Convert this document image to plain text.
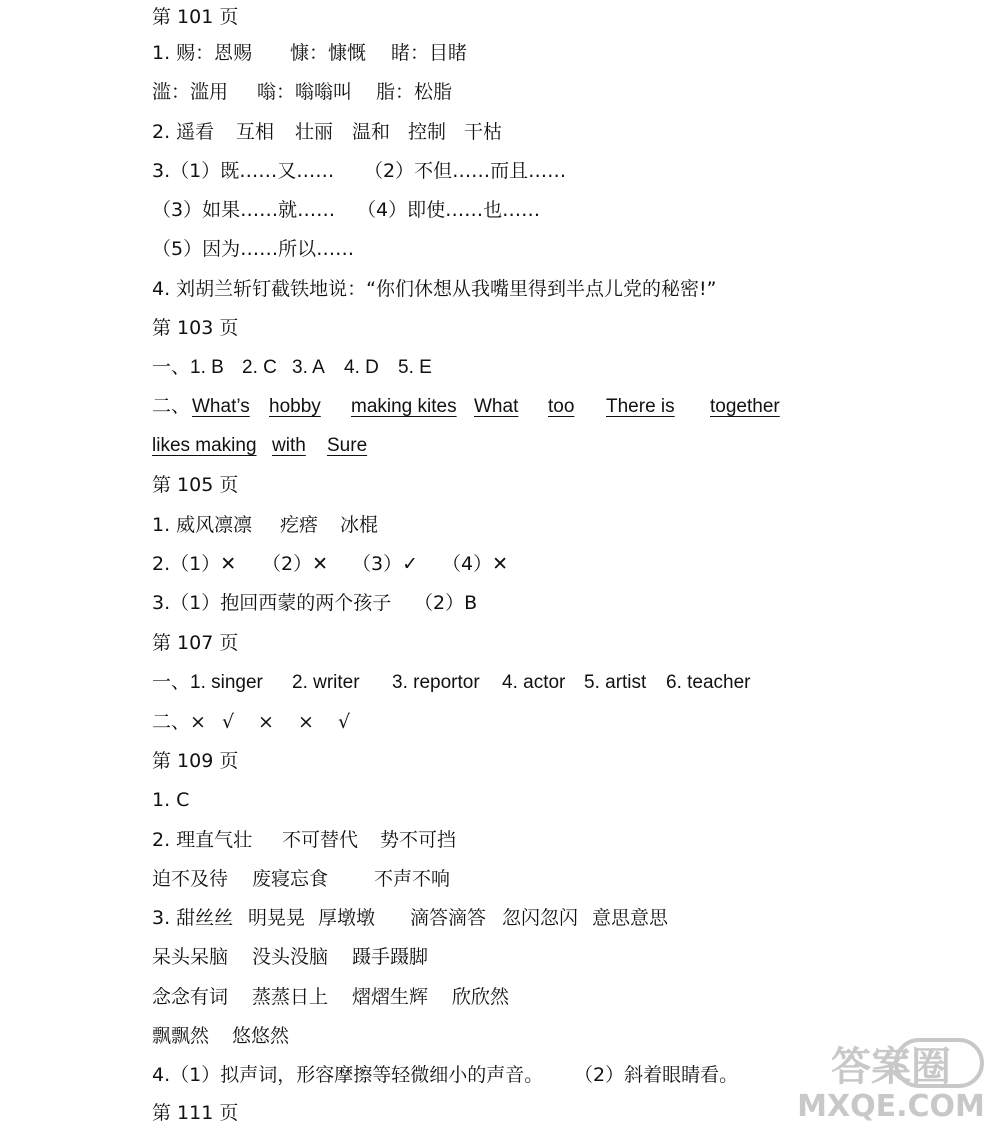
第 101 页
1. 赐：恩赐 慷：慷慨 睹：目睹
滥：滥用 嗡：嗡嗡叫 脂：松脂
2. 遥看 互相 壮丽 温和 控制 干枯
3.（1）既……又…… （2）不但……而且……
（3）如果……就…… （4）即使……也……
（5）因为……所以……
4. 刘胡兰斩钉截铁地说：“你们休想从我嘴里得到半点儿党的秘密!”
第 103 页
一、1. B 2. C 3. A 4. D 5. E
二、 What’s hobby making kites What too There is together
likes making with Sure
第 105 页
1. 威风凛凛 疙瘩 冰棍
2.（1）✕ （2）✕ （3）✓ （4）✕
3.（1）抱回西蒙的两个孩子 （2）B
第 107 页
一、1. singer 2. writer 3. reportor 4. actor 5. artist 6. teacher
二、× √ × × √
第 109 页
1. C
2. 理直气壮 不可替代 势不可挡
迫不及待 废寝忘食 不声不响
3. 甜丝丝 明晃晃 厚墩墩 滴答滴答 忽闪忽闪 意思意思
呆头呆脑 没头没脑 蹑手蹑脚
念念有词 蒸蒸日上 熠熠生辉 欣欣然
飘飘然 悠悠然
4.（1）拟声词，形容摩擦等轻微细小的声音。 （2）斜着眼睛看。
第 111 页
答案圈
MXQE.COM
